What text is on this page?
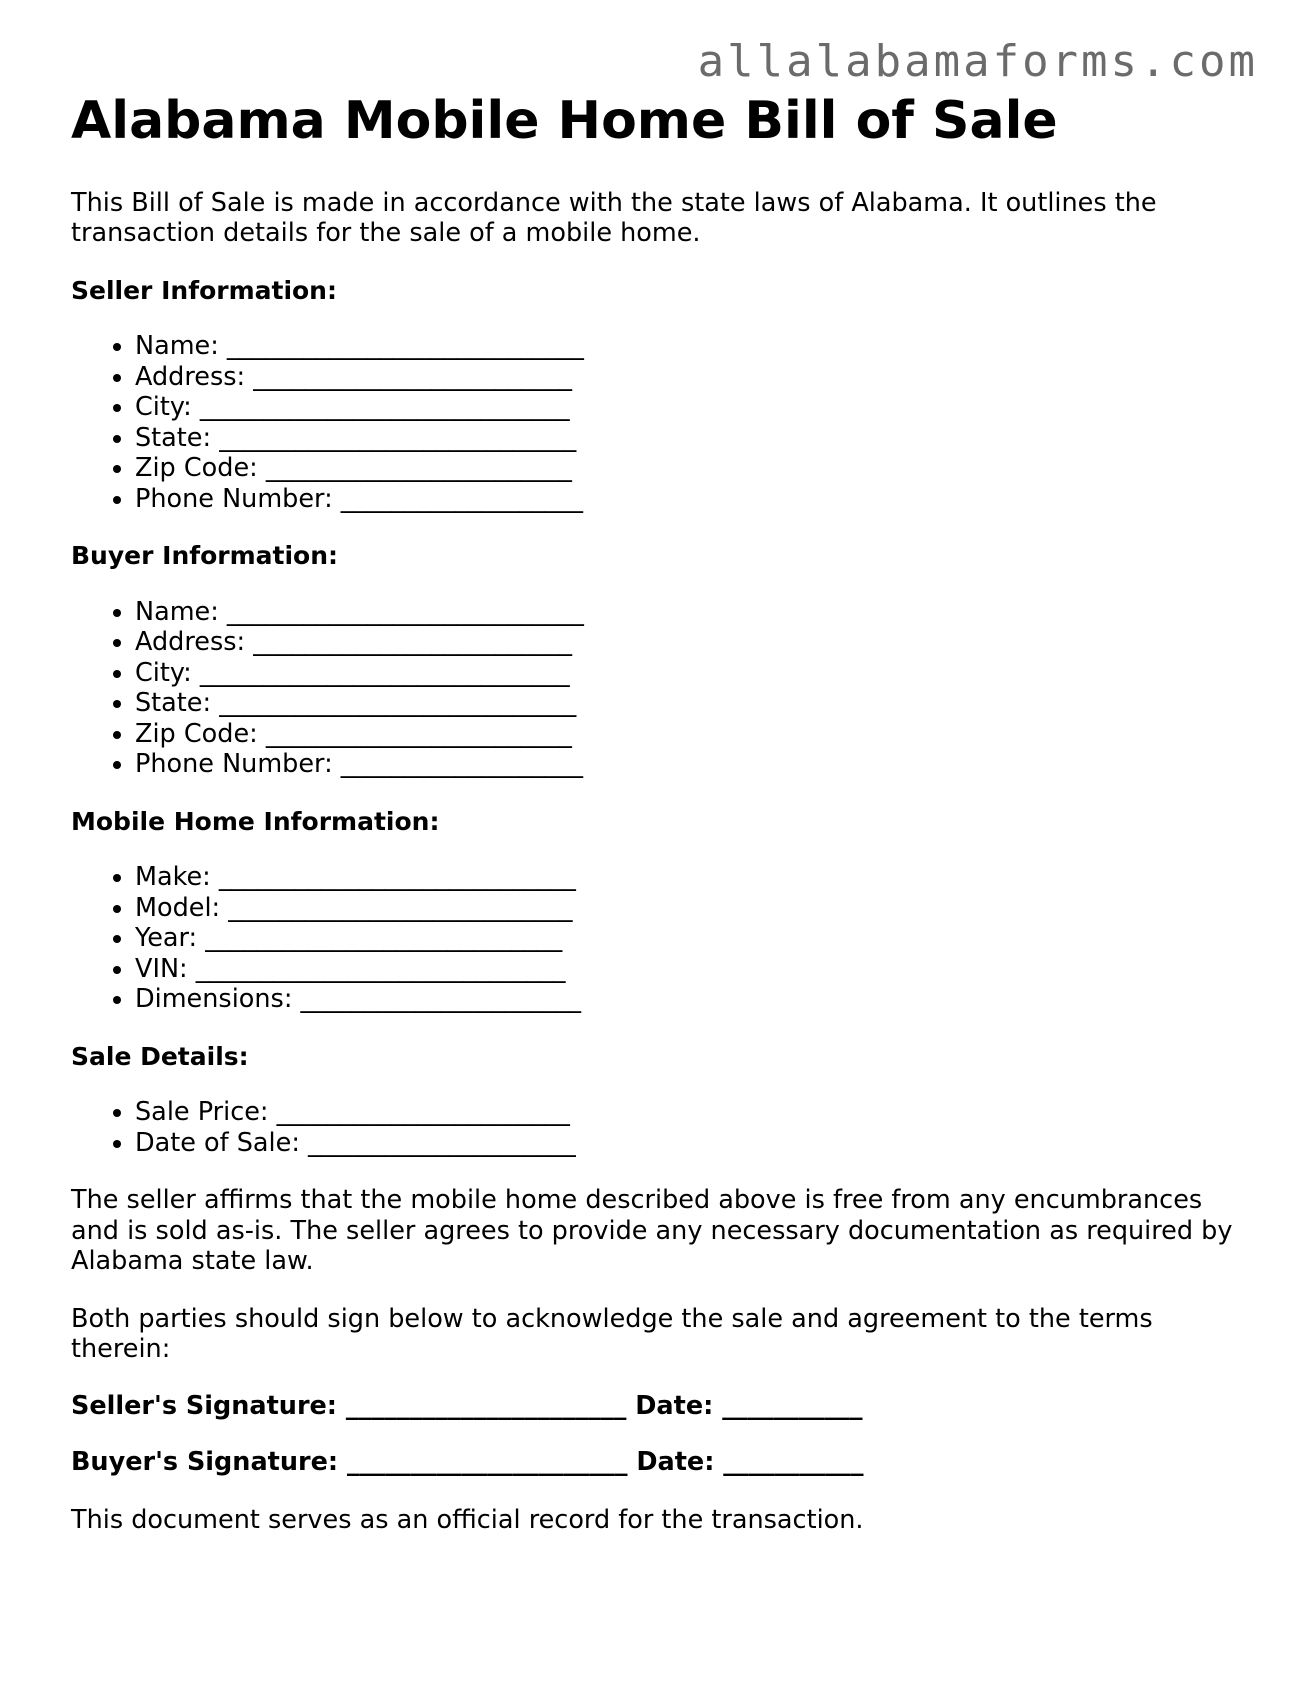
allalabamaforms.com
Alabama Mobile Home Bill of Sale

This Bill of Sale is made in accordance with the state laws of Alabama. It outlines the transaction details for the sale of a mobile home.

Seller Information:
• Name: ____________________________
• Address: _________________________
• City: _____________________________
• State: ____________________________
• Zip Code: ________________________
• Phone Number: ___________________
Buyer Information:
• Name: ____________________________
• Address: _________________________
• City: _____________________________
• State: ____________________________
• Zip Code: ________________________
• Phone Number: ___________________
Mobile Home Information:
• Make: ____________________________
• Model: ___________________________
• Year: ____________________________
• VIN: _____________________________
• Dimensions: ______________________
Sale Details:
• Sale Price: _______________________
• Date of Sale: _____________________

The seller affirms that the mobile home described above is free from any encumbrances and is sold as-is. The seller agrees to provide any necessary documentation as required by Alabama state law.

Both parties should sign below to acknowledge the sale and agreement to the terms therein:

Seller's Signature: ______________________ Date: ___________

Buyer's Signature: ______________________ Date: ___________

This document serves as an official record for the transaction.
